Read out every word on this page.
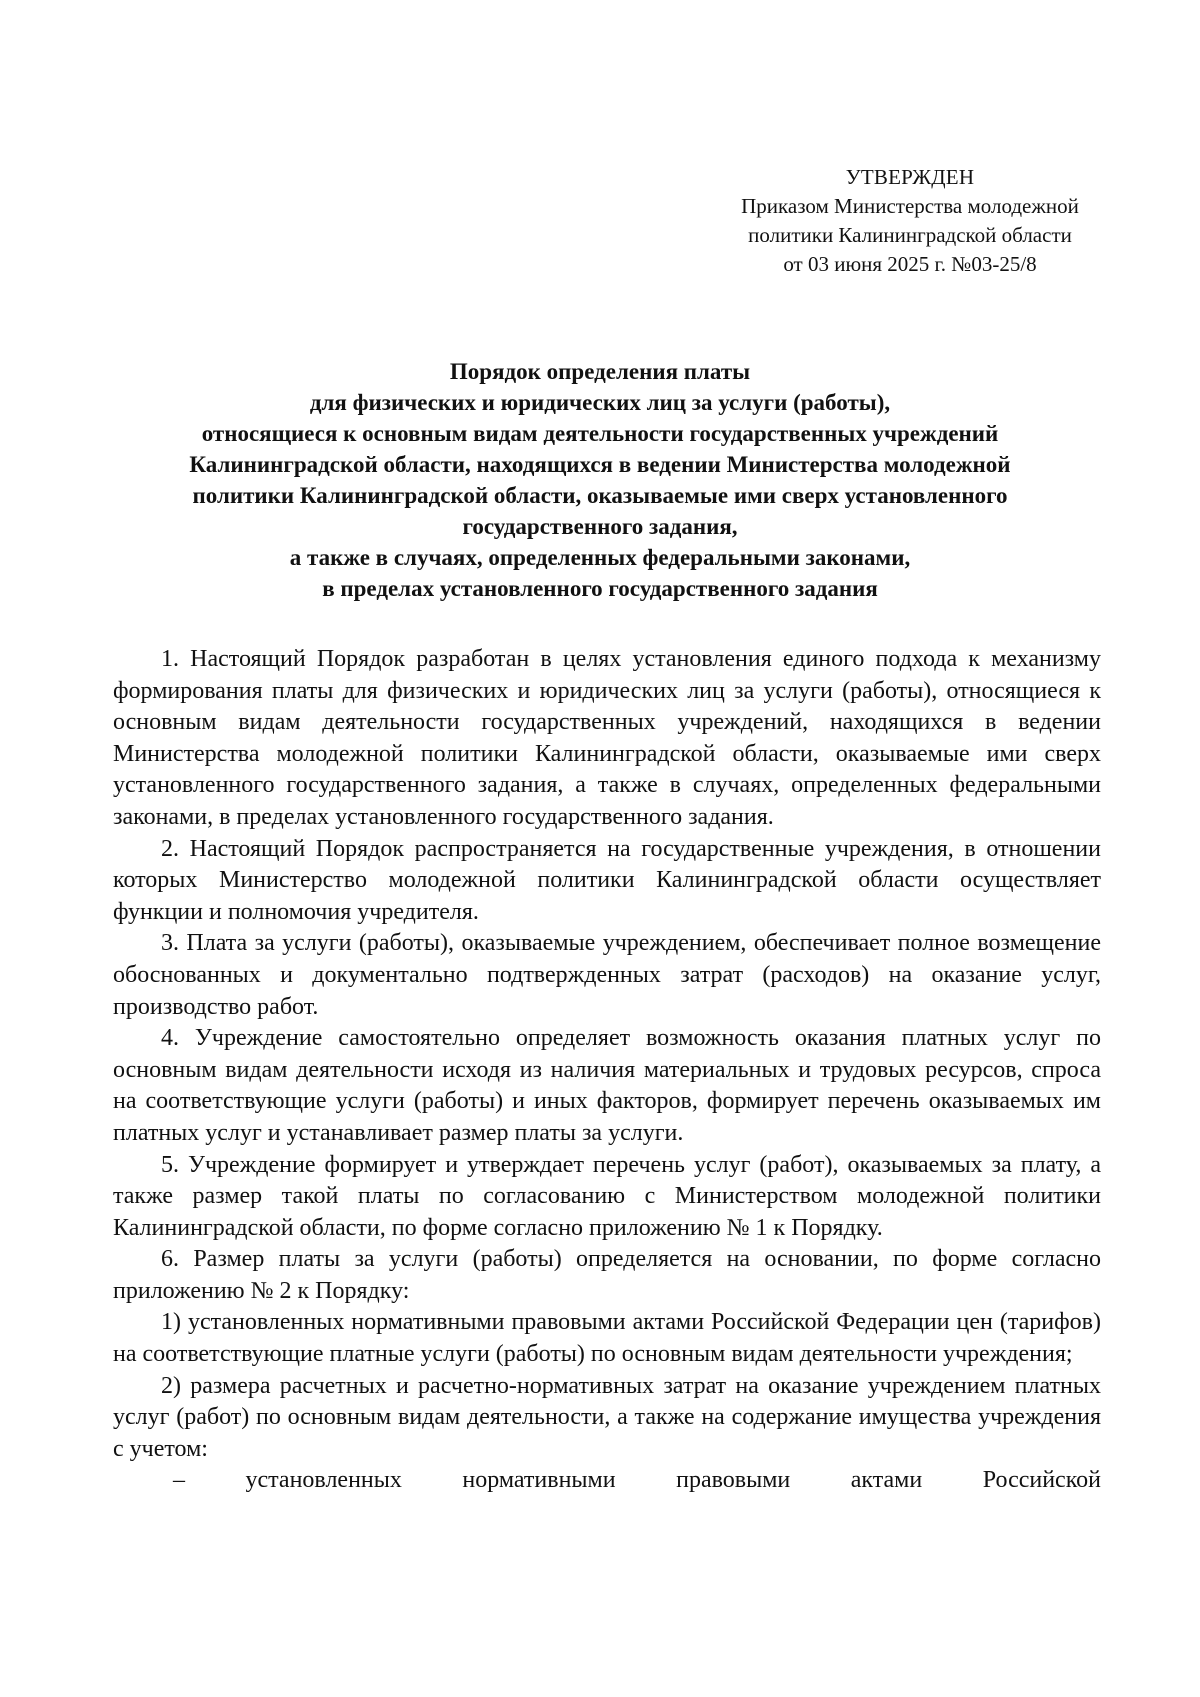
УТВЕРЖДЕН
Приказом Министерства молодежной
политики Калининградской области
от 03 июня 2025 г. №03-25/8
Порядок определения платы
для физических и юридических лиц за услуги (работы),
относящиеся к основным видам деятельности государственных учреждений
Калининградской области, находящихся в ведении Министерства молодежной
политики Калининградской области, оказываемые ими сверх установленного
государственного задания,
а также в случаях, определенных федеральными законами,
в пределах установленного государственного задания

1. Настоящий Порядок разработан в целях установления единого подхода к механизму формирования платы для физических и юридических лиц за услуги (работы), относящиеся к основным видам деятельности государственных учреждений, находящихся в ведении Министерства молодежной политики Калининградской области, оказываемые ими сверх установленного государственного задания, а также в случаях, определенных федеральными законами, в пределах установленного государственного задания.

2. Настоящий Порядок распространяется на государственные учреждения, в отношении которых Министерство молодежной политики Калининградской области осуществляет функции и полномочия учредителя.

3. Плата за услуги (работы), оказываемые учреждением, обеспечивает полное возмещение обоснованных и документально подтвержденных затрат (расходов) на оказание услуг, производство работ.

4. Учреждение самостоятельно определяет возможность оказания платных услуг по основным видам деятельности исходя из наличия материальных и трудовых ресурсов, спроса на соответствующие услуги (работы) и иных факторов, формирует перечень оказываемых им платных услуг и устанавливает размер платы за услуги.

5. Учреждение формирует и утверждает перечень услуг (работ), оказываемых за плату, а также размер такой платы по согласованию с Министерством молодежной политики Калининградской области, по форме согласно приложению № 1 к Порядку.

6. Размер платы за услуги (работы) определяется на основании, по форме согласно приложению № 2 к Порядку:

1) установленных нормативными правовыми актами Российской Федерации цен (тарифов) на соответствующие платные услуги (работы) по основным видам деятельности учреждения;

2) размера расчетных и расчетно-нормативных затрат на оказание учреждением платных услуг (работ) по основным видам деятельности, а также на содержание имущества учреждения с учетом:

–	установленных	нормативными	правовыми	актами	Российской
